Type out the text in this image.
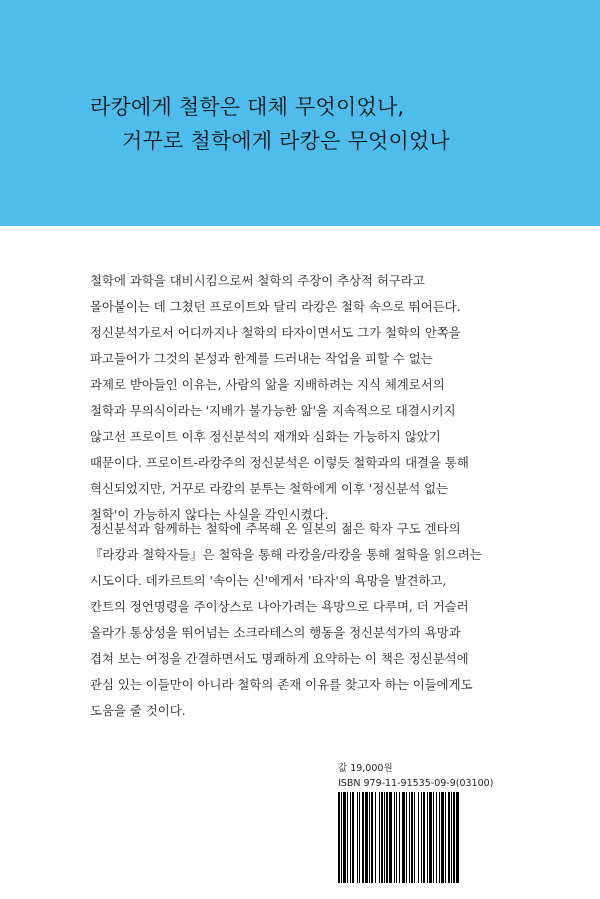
라캉에게 철학은 대체 무엇이었나,
거꾸로 철학에게 라캉은 무엇이었나
철학에 과학을 대비시킴으로써 철학의 주장이 추상적 허구라고
몰아붙이는 데 그쳤던 프로이트와 달리 라캉은 철학 속으로 뛰어든다.
정신분석가로서 어디까지나 철학의 타자이면서도 그가 철학의 안쪽을
파고들어가 그것의 본성과 한계를 드러내는 작업을 피할 수 없는
과제로 받아들인 이유는, 사람의 앎을 지배하려는 지식 체계로서의
철학과 무의식이라는 '지배가 불가능한 앎'을 지속적으로 대결시키지
않고선 프로이트 이후 정신분석의 재개와 심화는 가능하지 않았기
때문이다. 프로이트-라캉주의 정신분석은 이렇듯 철학과의 대결을 통해
혁신되었지만, 거꾸로 라캉의 분투는 철학에게 이후 '정신분석 없는
철학'이 가능하지 않다는 사실을 각인시켰다.
정신분석과 함께하는 철학에 주목해 온 일본의 젊은 학자 구도 겐타의
『라캉과 철학자들』은 철학을 통해 라캉을/라캉을 통해 철학을 읽으려는
시도이다. 데카르트의 '속이는 신'에게서 '타자'의 욕망을 발견하고,
칸트의 정언명령을 주이상스로 나아가려는 욕망으로 다루며, 더 거슬러
올라가 통상성을 뛰어넘는 소크라테스의 행동을 정신분석가의 욕망과
겹쳐 보는 여정을 간결하면서도 명쾌하게 요약하는 이 책은 정신분석에
관심 있는 이들만이 아니라 철학의 존재 이유를 찾고자 하는 이들에게도
도움을 줄 것이다.
값 19,000원
ISBN 979-11-91535-09-9(03100)
